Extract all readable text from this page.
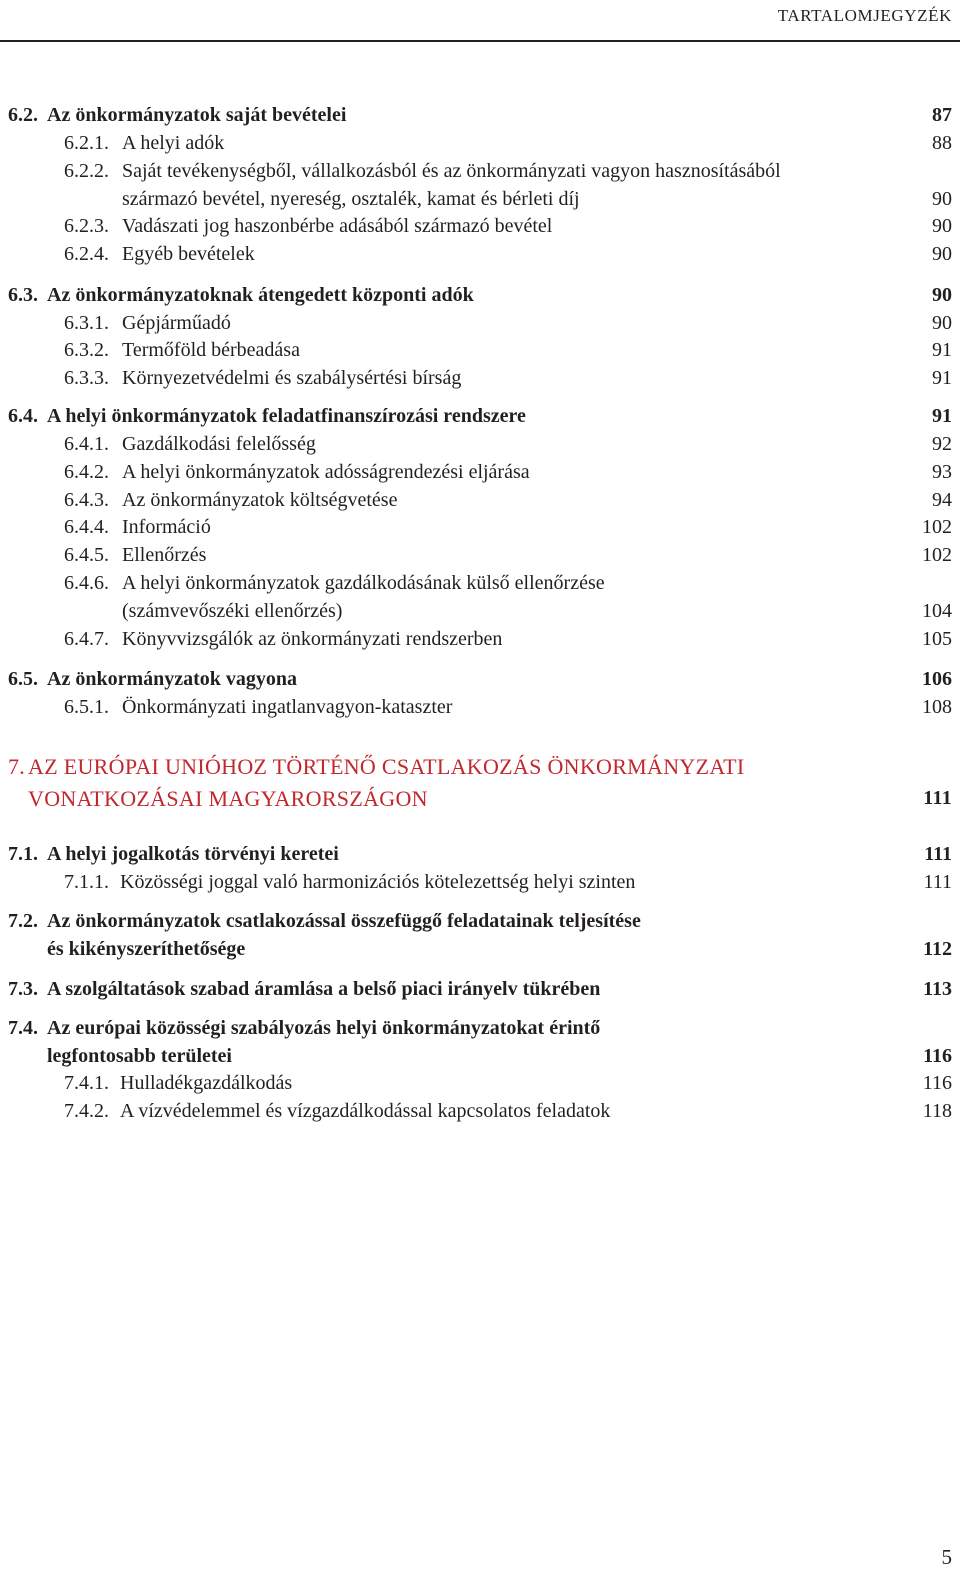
TARTALOMJEGYZÉK
6.2. Az önkormányzatok saját bevételei	87
6.2.1. A helyi adók	88
6.2.2. Saját tevékenységből, vállalkozásból és az önkormányzati vagyon hasznosításából
származó bevétel, nyereség, osztalék, kamat és bérleti díj	90
6.2.3. Vadászati jog haszonbérbe adásából származó bevétel	90
6.2.4. Egyéb bevételek	90
6.3. Az önkormányzatoknak átengedett központi adók	90
6.3.1. Gépjárműadó	90
6.3.2. Termőföld bérbeadása	91
6.3.3. Környezetvédelmi és szabálysértési bírság	91
6.4. A helyi önkormányzatok feladatfinanszírozási rendszere	91
6.4.1. Gazdálkodási felelősség	92
6.4.2. A helyi önkormányzatok adósságrendezési eljárása	93
6.4.3. Az önkormányzatok költségvetése	94
6.4.4. Információ	102
6.4.5. Ellenőrzés	102
6.4.6. A helyi önkormányzatok gazdálkodásának külső ellenőrzése
(számvevőszéki ellenőrzés)	104
6.4.7. Könyvvizsgálók az önkormányzati rendszerben	105
6.5. Az önkormányzatok vagyona	106
6.5.1. Önkormányzati ingatlanvagyon-kataszter	108
7. AZ EURÓPAI UNIÓHOZ TÖRTÉNŐ CSATLAKOZÁS ÖNKORMÁNYZATI
VONATKOZÁSAI MAGYARORSZÁGON	111
7.1. A helyi jogalkotás törvényi keretei	111
7.1.1. Közösségi joggal való harmonizációs kötelezettség helyi szinten	111
7.2. Az önkormányzatok csatlakozással összefüggő feladatainak teljesítése
és kikényszeríthetősége	112
7.3. A szolgáltatások szabad áramlása a belső piaci irányelv tükrében	113
7.4. Az európai közösségi szabályozás helyi önkormányzatokat érintő
legfontosabb területei	116
7.4.1. Hulladékgazdálkodás	116
7.4.2. A vízvédelemmel és vízgazdálkodással kapcsolatos feladatok	118
5
